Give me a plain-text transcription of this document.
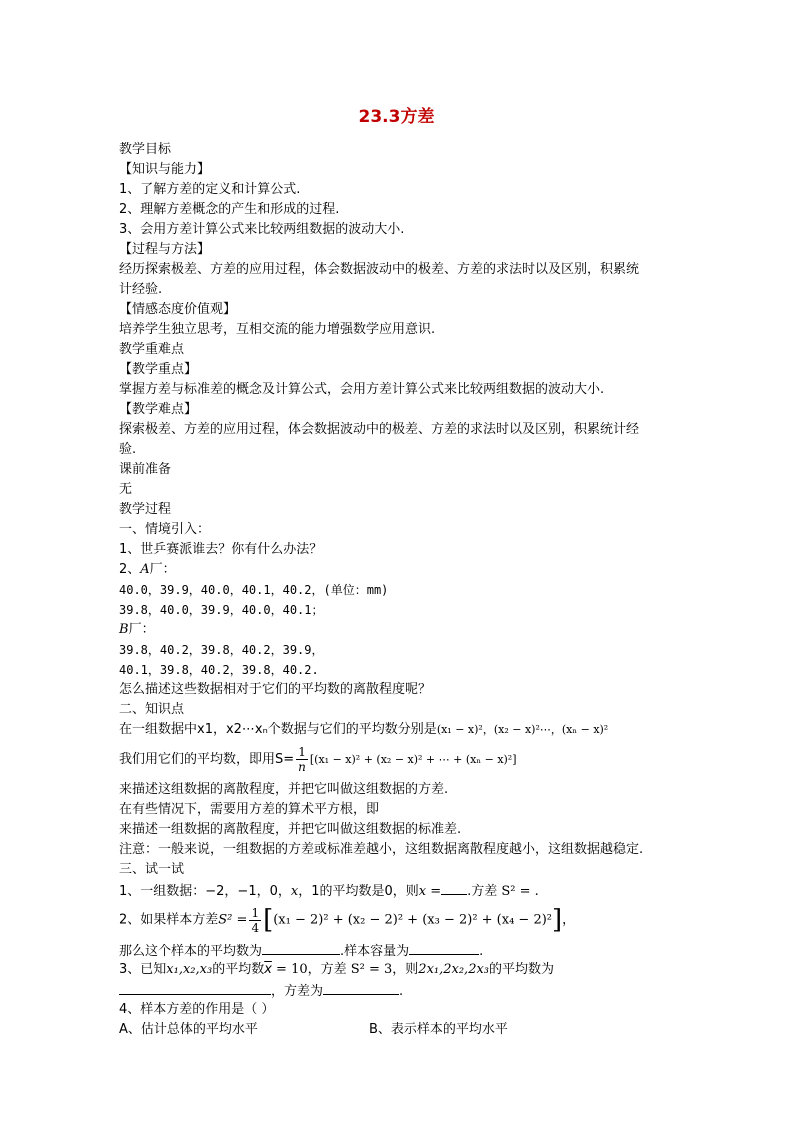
23.3方差
教学目标
【知识与能力】
1、了解方差的定义和计算公式.
2、理解方差概念的产生和形成的过程.
3、会用方差计算公式来比较两组数据的波动大小.
【过程与方法】
经历探索极差、方差的应用过程，体会数据波动中的极差、方差的求法时以及区别，积累统
计经验.
【情感态度价值观】
培养学生独立思考，互相交流的能力增强数学应用意识.
教学重难点
【教学重点】
掌握方差与标准差的概念及计算公式，会用方差计算公式来比较两组数据的波动大小.
【教学难点】
探索极差、方差的应用过程，体会数据波动中的极差、方差的求法时以及区别，积累统计经
验.
课前准备
无
教学过程
一、情境引入：
1、世乒赛派谁去？你有什么办法？
2、A厂：
40.0，39.9，40.0，40.1，40.2，(单位：mm)
39.8，40.0，39.9，40.0，40.1；
B厂：
39.8，40.2，39.8，40.2，39.9，
40.1，39.8，40.2，39.8，40.2.
怎么描述这些数据相对于它们的平均数的离散程度呢？
二、知识点
在一组数据中x1，x2⋯xₙ个数据与它们的平均数分别是(x₁ − x)²，(x₂ − x)²⋯，(xₙ − x)²
我们用它们的平均数，即用$S= \frac{1}{n} [(x_1 - x)^2 + (x_2 - x)^2$ + ⋯ + (xₙ − x)²]
来描述这组数据的离散程度，并把它叫做这组数据的方差.
在有些情况下，需要用方差的算术平方根，即
来描述一组数据的离散程度，并把它叫做这组数据的标准差.
注意：一般来说，一组数据的方差或标准差越小，这组数据离散程度越小，这组数据越稳定.
三、试一试
1、一组数据：−2，−1，0，x，1的平均数是0，则x = .方差 S² = .
2、如果样本方差$S^2 = \frac{1}{4} [(x_1 - 2)^2 + (x_2 - 2)^2 + (x_3 - 2)^2 + (x_4 - 2)^2]$，
那么这个样本的平均数为	.样本容量为	.
3、已知x₁,x₂,x₃的平均数$\overline{x} = 10$，方差 S² = 3，则2x₁,2x₂,2x₃的平均数为
，方差为	.
4、样本方差的作用是（ ）
A、估计总体的平均水平	B、表示样本的平均水平
